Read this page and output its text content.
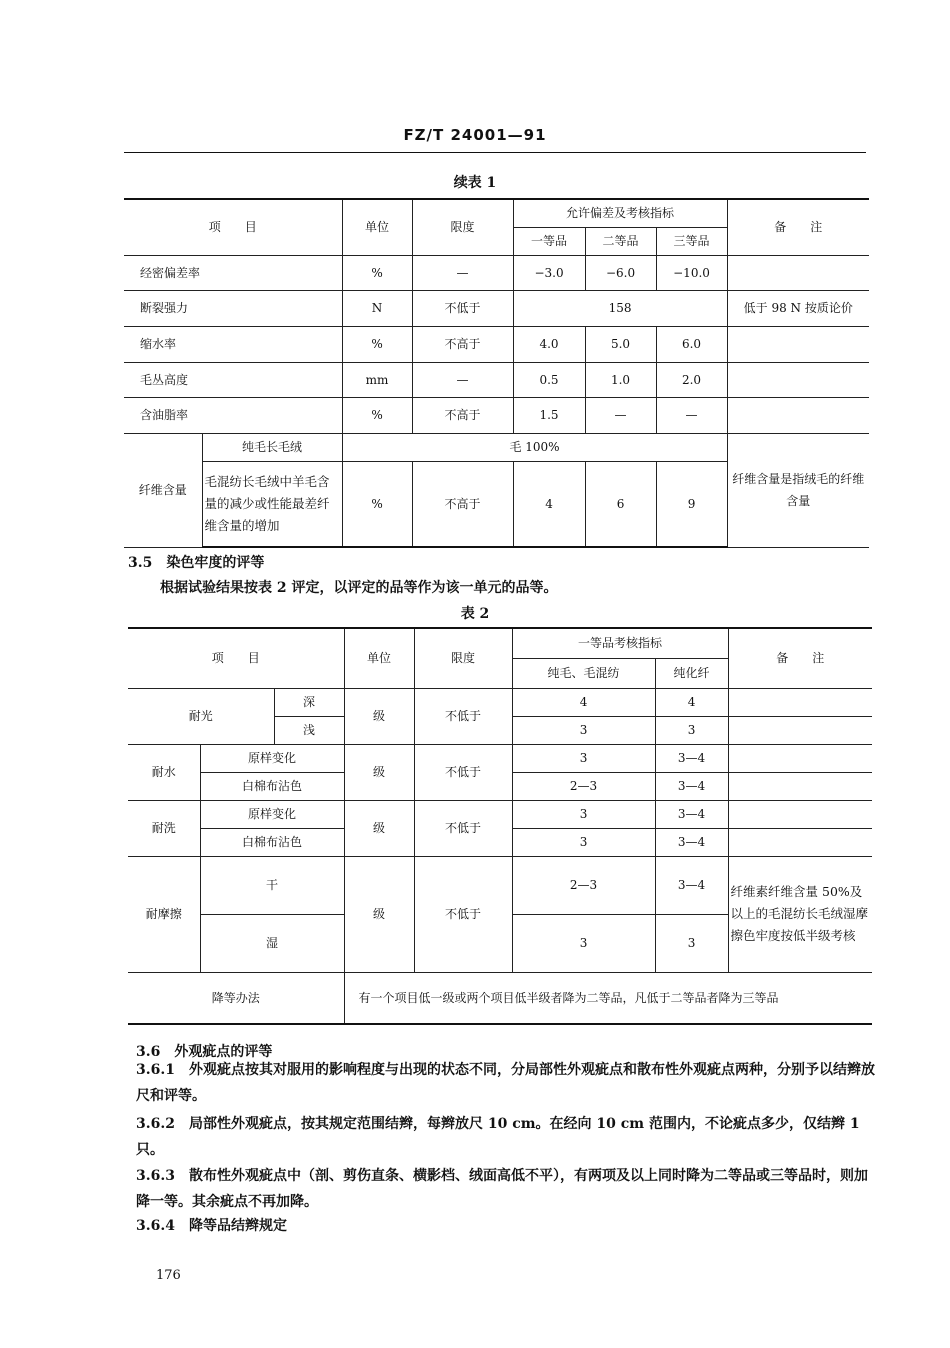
FZ/T 24001—91
续表 1
项　　目		单位	限度	允许偏差及考核指标			备　　注
				一等品	二等品	三等品	
经密偏差率		%	—	−3.0	−6.0	−10.0	
断裂强力		N	不低于	158			低于 98 N 按质论价
缩水率		%	不高于	4.0	5.0	6.0	
毛丛高度		mm	—	0.5	1.0	2.0	
含油脂率		%	不高于	1.5	—	—	
纤维含量	纯毛长毛绒	毛 100%					纤维含量是指绒毛的纤维含量
	毛混纺长毛绒中羊毛含量的减少或性能最差纤维含量的增加	%	不高于	4	6	9	
3.5　染色牢度的评等
根据试验结果按表 2 评定，以评定的品等作为该一单元的品等。
表 2
项　　目			单位	限度	一等品考核指标		备　　注
					纯毛、毛混纺	纯化纤	
耐光		深	级	不低于	4	4	
		浅			3	3	
耐水	原样变化		级	不低于	3	3—4	
	白棉布沾色				2—3	3—4	
耐洗	原样变化		级	不低于	3	3—4	
	白棉布沾色				3	3—4	
耐摩擦	干		级	不低于	2—3	3—4	纤维素纤维含量 50%及以上的毛混纺长毛绒湿摩擦色牢度按低半级考核
	湿				3	3	
降等办法			有一个项目低一级或两个项目低半级者降为二等品，凡低于二等品者降为三等品				
3.6　外观疵点的评等
3.6.1　外观疵点按其对服用的影响程度与出现的状态不同，分局部性外观疵点和散布性外观疵点两种，分别予以结辫放尺和评等。
3.6.2　局部性外观疵点，按其规定范围结辫，每辫放尺 10 cm。在经向 10 cm 范围内，不论疵点多少，仅结辫 1 只。
3.6.3　散布性外观疵点中（剖、剪伤直条、横影档、绒面高低不平），有两项及以上同时降为二等品或三等品时，则加降一等。其余疵点不再加降。
3.6.4　降等品结辫规定
176
